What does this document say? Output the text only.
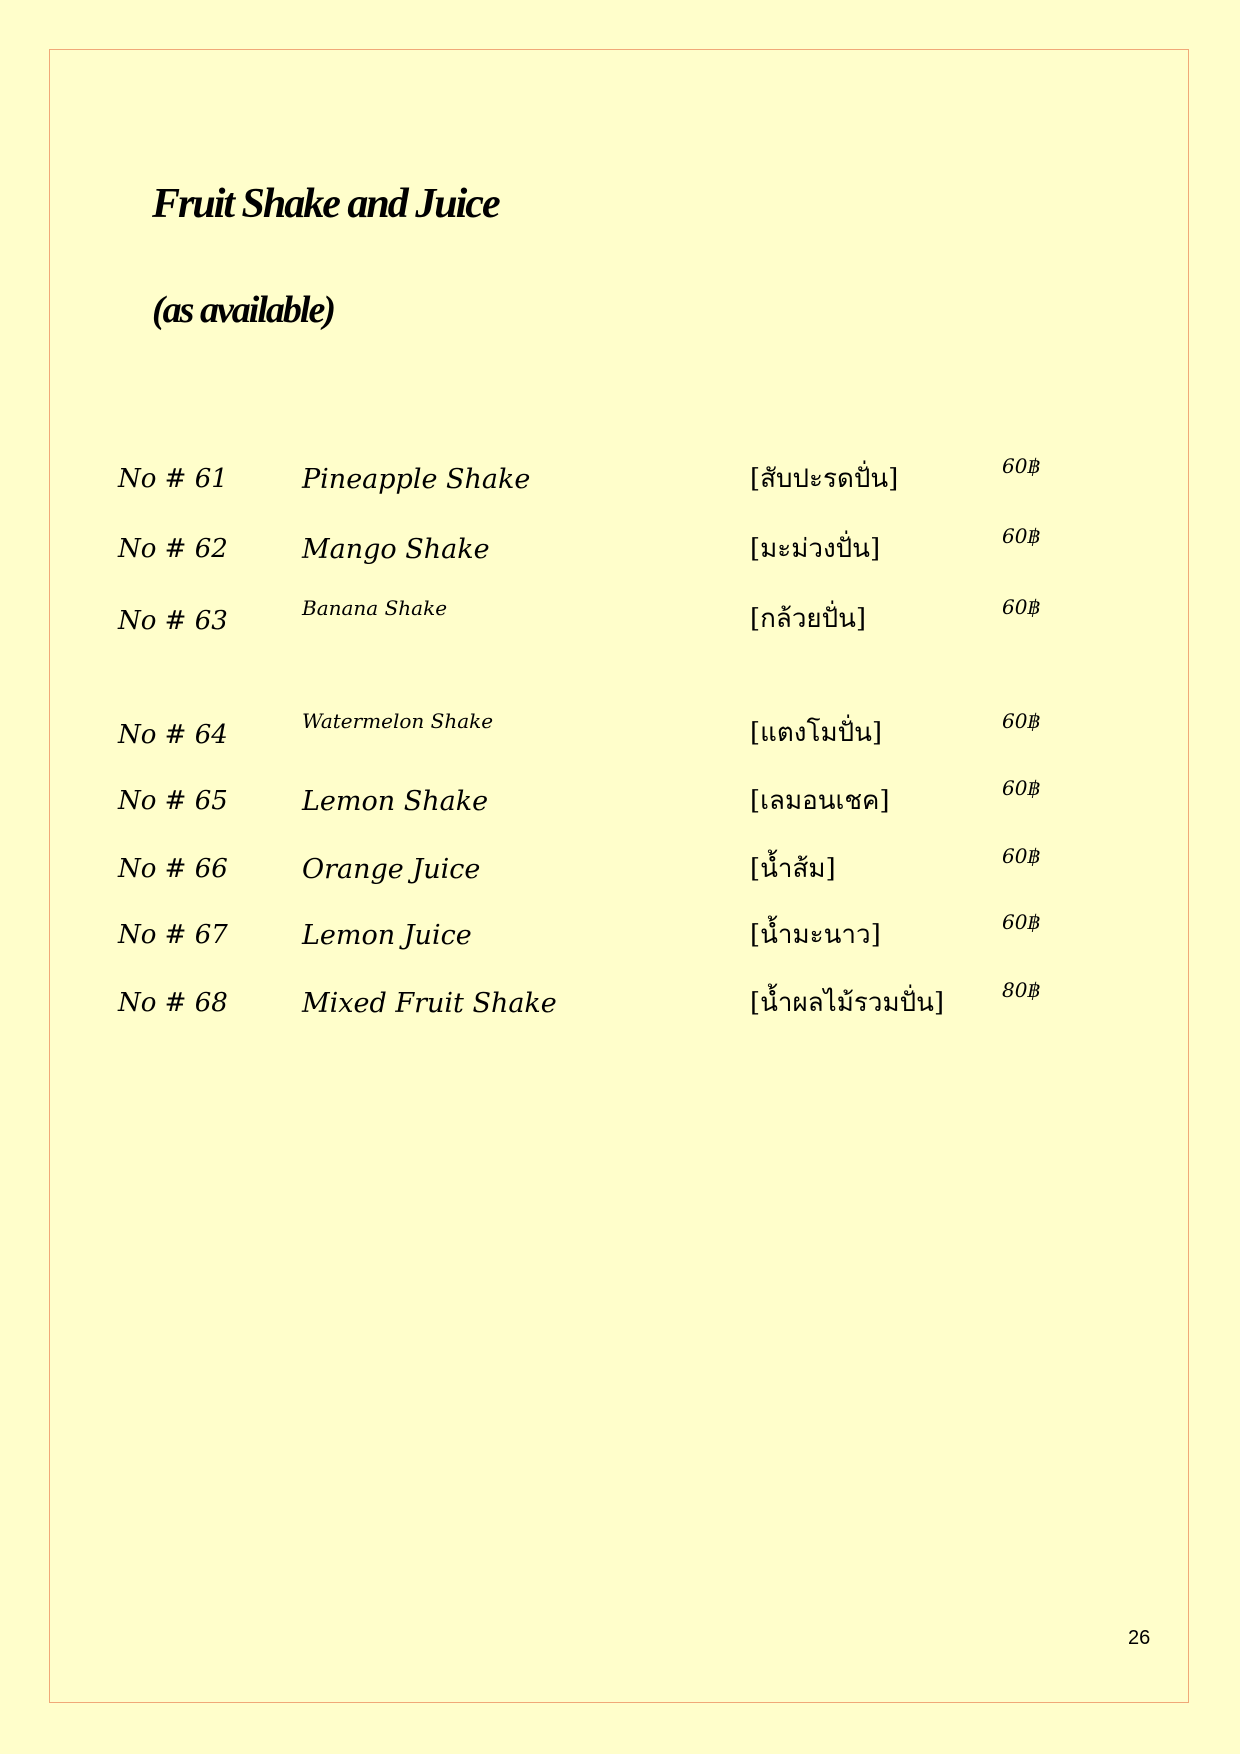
Fruit Shake and Juice
(as available)
No # 61	Pineapple Shake	[สับปะรดปั่น]	60฿
No # 62	Mango Shake	[มะม่วงปั่น]	60฿
No # 63	Banana Shake	[กล้วยปั่น]	60฿
No # 64	Watermelon Shake	[แตงโมปั่น]	60฿
No # 65	Lemon Shake	[เลมอนเชค]	60฿
No # 66	Orange Juice	[น้ำส้ม]	60฿
No # 67	Lemon Juice	[น้ำมะนาว]	60฿
No # 68	Mixed Fruit Shake	[น้ำผลไม้รวมปั่น]	80฿
26
